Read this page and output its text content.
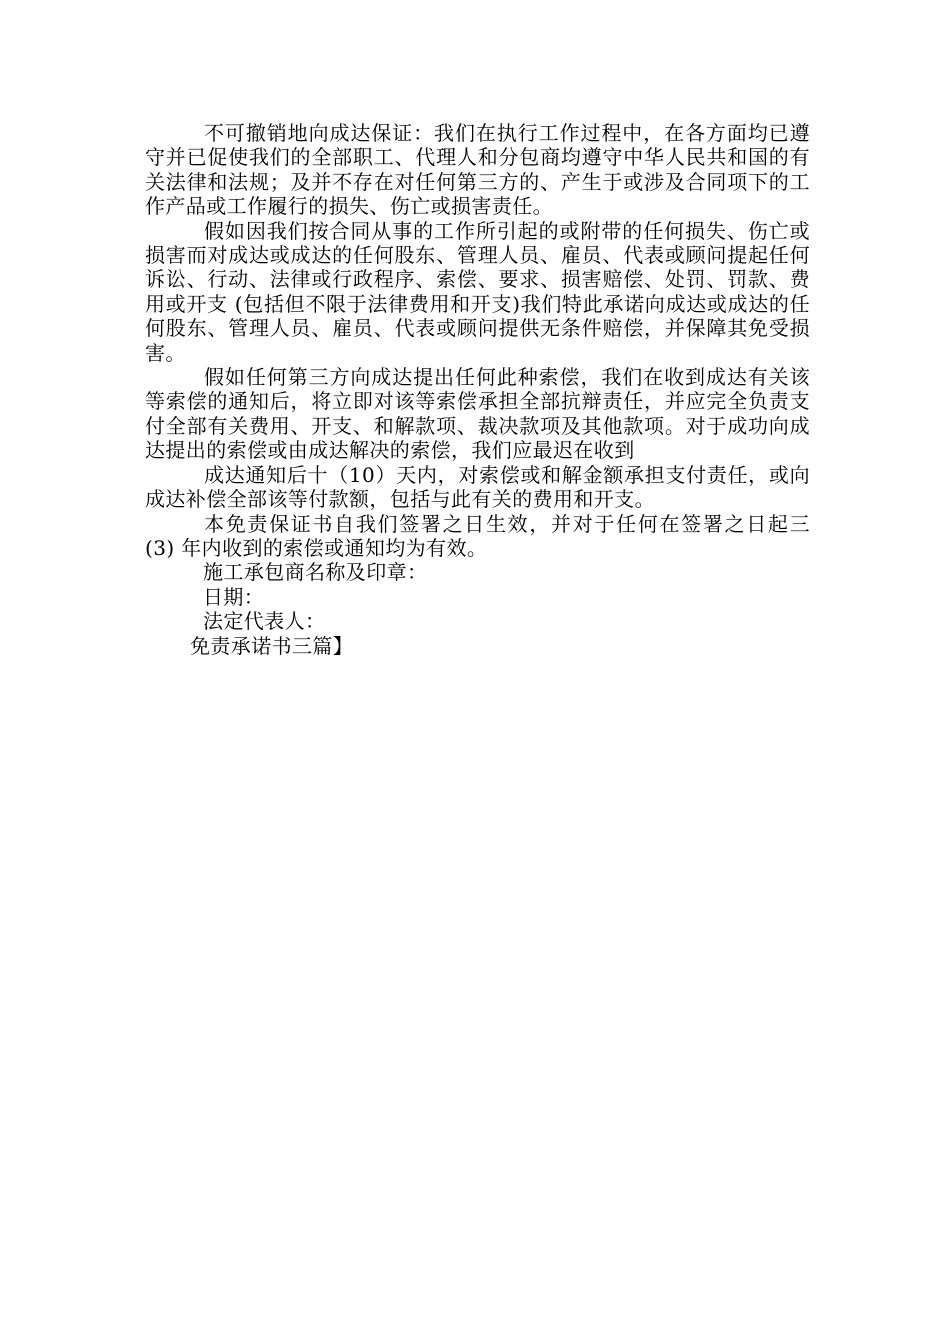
不可撤销地向成达保证：我们在执行工作过程中，在各方面均已遵守并已促使我们的全部职工、代理人和分包商均遵守中华人民共和国的有关法律和法规；及并不存在对任何第三方的、产生于或涉及合同项下的工作产品或工作履行的损失、伤亡或损害责任。

假如因我们按合同从事的工作所引起的或附带的任何损失、伤亡或损害而对成达或成达的任何股东、管理人员、雇员、代表或顾问提起任何诉讼、行动、法律或行政程序、索偿、要求、损害赔偿、处罚、罚款、费用或开支 (包括但不限于法律费用和开支)我们特此承诺向成达或成达的任何股东、管理人员、雇员、代表或顾问提供无条件赔偿，并保障其免受损害。

假如任何第三方向成达提出任何此种索偿，我们在收到成达有关该等索偿的通知后，将立即对该等索偿承担全部抗辩责任，并应完全负责支付全部有关费用、开支、和解款项、裁决款项及其他款项。对于成功向成达提出的索偿或由成达解决的索偿，我们应最迟在收到

成达通知后十（10）天内，对索偿或和解金额承担支付责任，或向成达补偿全部该等付款额，包括与此有关的费用和开支。

本免责保证书自我们签署之日生效，并对于任何在签署之日起三 (3) 年内收到的索偿或通知均为有效。

施工承包商名称及印章：

日期：

法定代表人：

免责承诺书三篇】
